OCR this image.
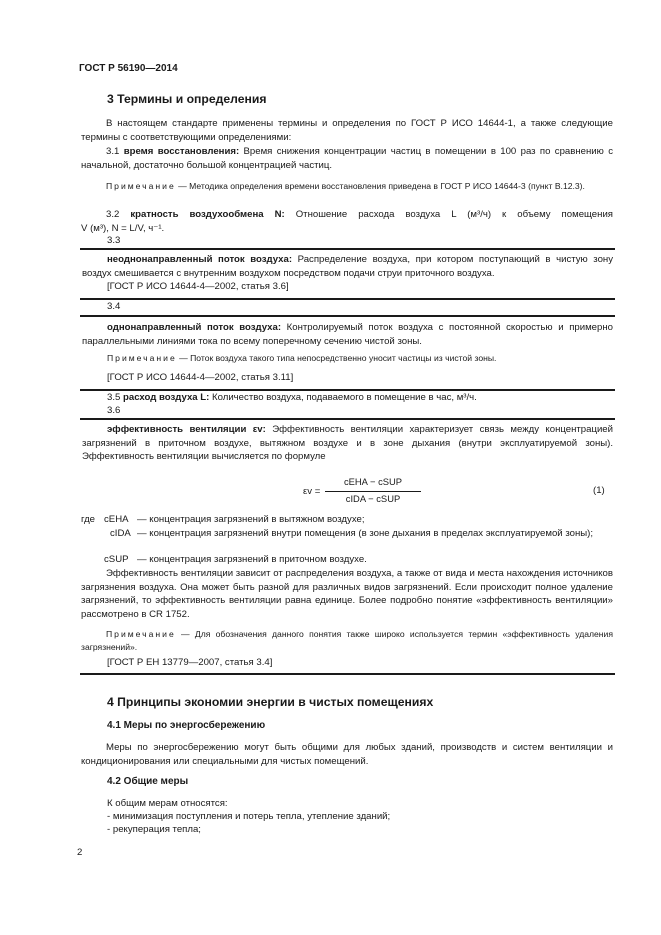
ГОСТ Р 56190—2014
3 Термины и определения
В настоящем стандарте применены термины и определения по ГОСТ Р ИСО 14644-1, а также следующие термины с соответствующими определениями:
3.1 время восстановления: Время снижения концентрации частиц в помещении в 100 раз по сравнению с начальной, достаточно большой концентрацией частиц.
Примечание — Методика определения времени восстановления приведена в ГОСТ Р ИСО 14644-3 (пункт В.12.3).
3.2 кратность воздухообмена N: Отношение расхода воздуха L (м³/ч) к объему помещения
V (м³), N = L/V, ч⁻¹.
3.3
неоднонаправленный поток воздуха: Распределение воздуха, при котором поступающий в чистую зону воздух смешивается с внутренним воздухом посредством подачи струи приточного воздуха.
[ГОСТ Р ИСО 14644-4—2002, статья 3.6]
3.4
однонаправленный поток воздуха: Контролируемый поток воздуха с постоянной скоростью и примерно параллельными линиями тока по всему поперечному сечению чистой зоны.
Примечание — Поток воздуха такого типа непосредственно уносит частицы из чистой зоны.
[ГОСТ Р ИСО 14644-4—2002, статья 3.11]
3.5 расход воздуха L: Количество воздуха, подаваемого в помещение в час, м³/ч.
3.6
эффективность вентиляции εv: Эффективность вентиляции характеризует связь между концентрацией загрязнений в приточном воздухе, вытяжном воздухе и в зоне дыхания (внутри эксплуатируемой зоны). Эффективность вентиляции вычисляется по формуле
εv =
cEHA − cSUP
cIDA − cSUP
(1)
где cEHA — концентрация загрязнений в вытяжном воздухе;
cIDA — концентрация загрязнений внутри помещения (в зоне дыхания в пределах эксплуатируемой зоны);
cSUP — концентрация загрязнений в приточном воздухе.
Эффективность вентиляции зависит от распределения воздуха, а также от вида и места нахождения источников загрязнения воздуха. Она может быть разной для различных видов загрязнений. Если происходит полное удаление загрязнений, то эффективность вентиляции равна единице. Более подробно понятие «эффективность вентиляции» рассмотрено в CR 1752.
Примечание — Для обозначения данного понятия также широко используется термин «эффективность удаления загрязнений».
[ГОСТ Р ЕН 13779—2007, статья 3.4]
4 Принципы экономии энергии в чистых помещениях
4.1 Меры по энергосбережению
Меры по энергосбережению могут быть общими для любых зданий, производств и систем вентиляции и кондиционирования или специальными для чистых помещений.
4.2 Общие меры
К общим мерам относятся:
- минимизация поступления и потерь тепла, утепление зданий;
- рекуперация тепла;
2
